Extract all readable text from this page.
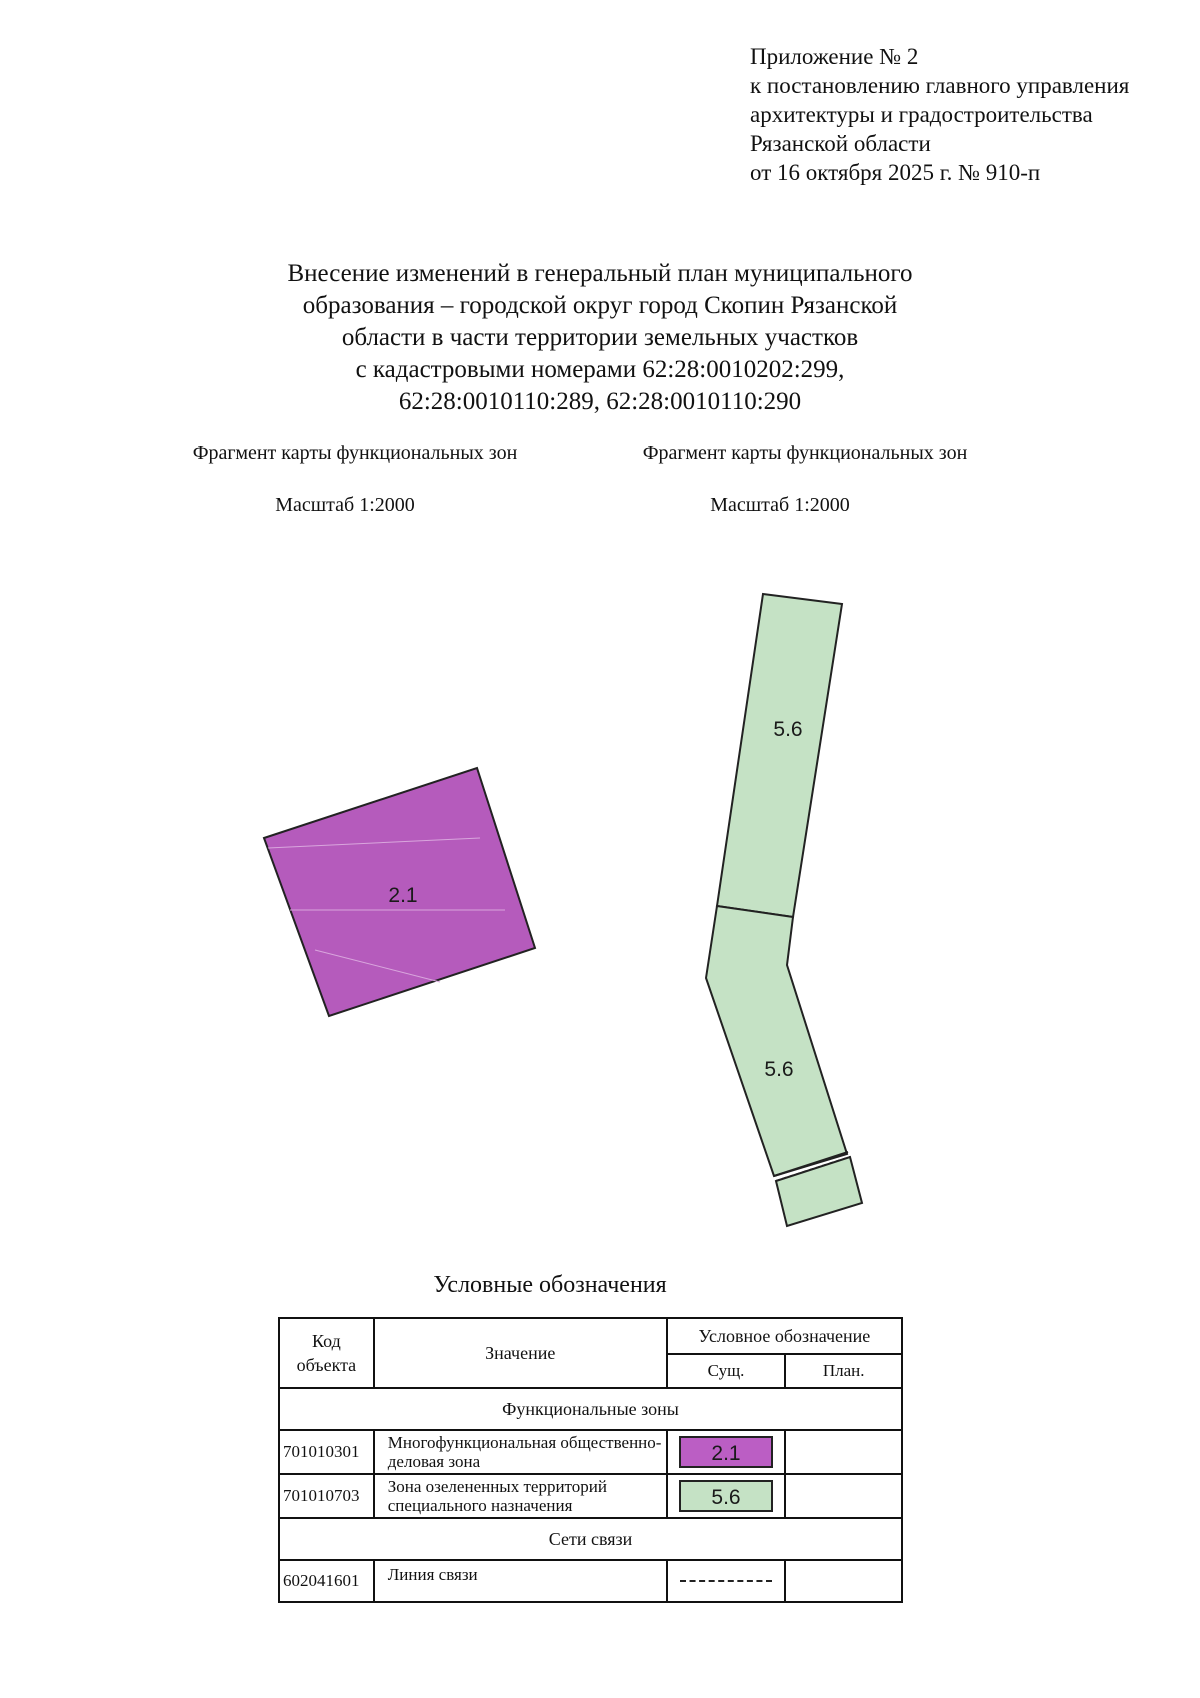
Приложение № 2
к постановлению главного управления
архитектуры и градостроительства
Рязанской области
от 16 октября 2025 г. № 910-п
Внесение изменений в генеральный план муниципального
образования – городской округ город Скопин Рязанской
области в части территории земельных участков
с кадастровыми номерами 62:28:0010202:299,
62:28:0010110:289, 62:28:0010110:290
Фрагмент карты функциональных зон	Фрагмент карты функциональных зон
Масштаб 1:2000	Масштаб 1:2000
2.1
5.6
5.6
Условные обозначения
Код объекта	Значение	Условное обозначение	
		Сущ.	План.
Функциональные зоны			
701010301	Многофункциональная общественно-деловая зона	2.1	

701010703	Зона озелененных территорий специального назначения	5.6	

Сети связи			
602041601	Линия связи	
